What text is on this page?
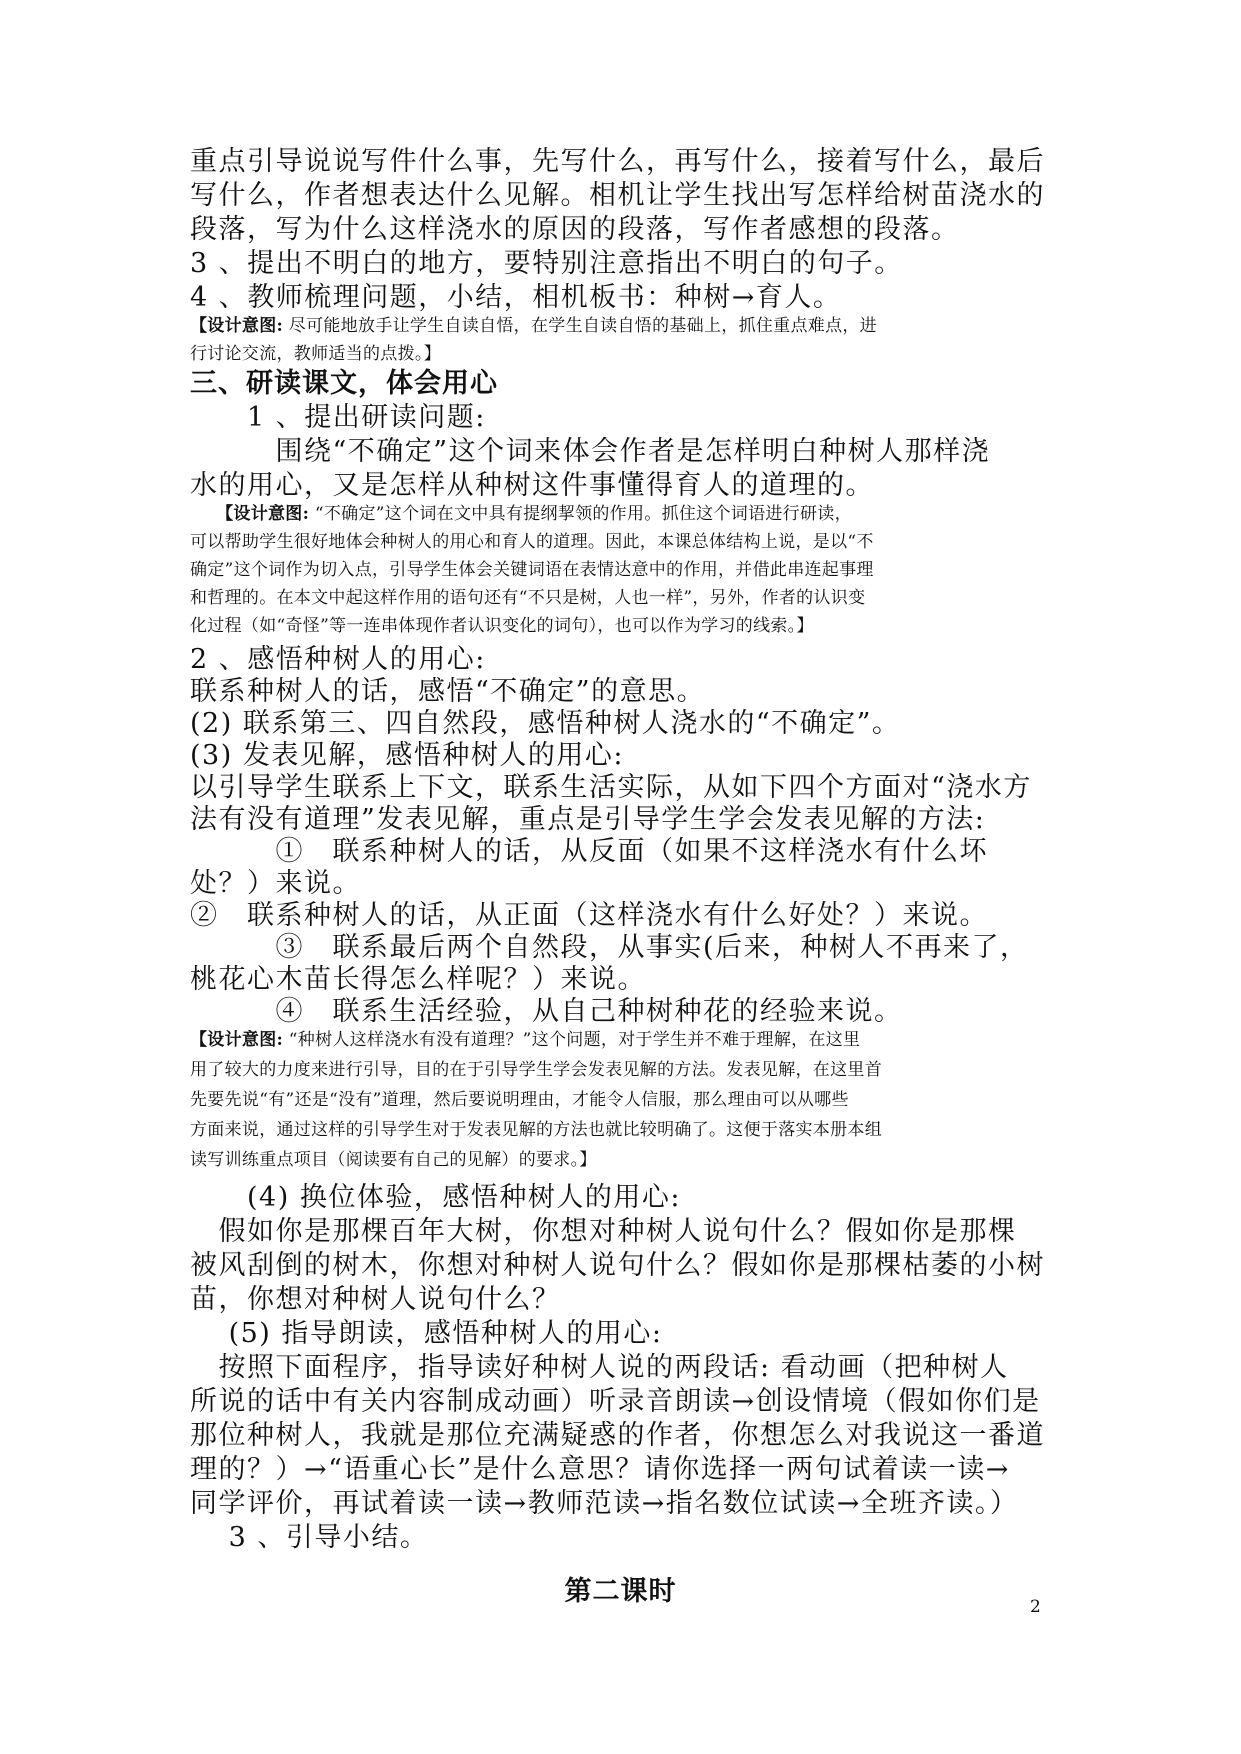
重点引导说说写件什么事，先写什么，再写什么，接着写什么，最后

写什么，作者想表达什么见解。相机让学生找出写怎样给树苗浇水的

段落，写为什么这样浇水的原因的段落，写作者感想的段落。

3 、提出不明白的地方，要特别注意指出不明白的句子。

4 、教师梳理问题，小结，相机板书：种树→育人。

【设计意图: 尽可能地放手让学生自读自悟，在学生自读自悟的基础上，抓住重点难点，进

行讨论交流，教师适当的点拨。】

三、研读课文，体会用心

　　1 、提出研读问题:

　　　围绕“不确定”这个词来体会作者是怎样明白种树人那样浇

水的用心，又是怎样从种树这件事懂得育人的道理的。

　　【设计意图: “不确定”这个词在文中具有提纲挈领的作用。抓住这个词语进行研读，

可以帮助学生很好地体会种树人的用心和育人的道理。因此，本课总体结构上说，是以“不

确定”这个词作为切入点，引导学生体会关键词语在表情达意中的作用，并借此串连起事理

和哲理的。在本文中起这样作用的语句还有“不只是树，人也一样”，另外，作者的认识变

化过程（如“奇怪”等一连串体现作者认识变化的词句），也可以作为学习的线索。】

2 、感悟种树人的用心:

联系种树人的话，感悟“不确定”的意思。

(2) 联系第三、四自然段，感悟种树人浇水的“不确定”。

(3) 发表见解，感悟种树人的用心:

以引导学生联系上下文，联系生活实际，从如下四个方面对“浇水方

法有没有道理”发表见解，重点是引导学生学会发表见解的方法:

　　　①　联系种树人的话，从反面（如果不这样浇水有什么坏

处？）来说。

②　联系种树人的话，从正面（这样浇水有什么好处？）来说。

　　　③　联系最后两个自然段，从事实(后来，种树人不再来了，

桃花心木苗长得怎么样呢？）来说。

　　　④　联系生活经验，从自己种树种花的经验来说。

【设计意图: “种树人这样浇水有没有道理？”这个问题，对于学生并不难于理解，在这里

用了较大的力度来进行引导，目的在于引导学生学会发表见解的方法。发表见解，在这里首

先要先说“有”还是“没有”道理，然后要说明理由，才能令人信服，那么理由可以从哪些

方面来说，通过这样的引导学生对于发表见解的方法也就比较明确了。这便于落实本册本组

读写训练重点项目（阅读要有自己的见解）的要求。】

　　(4) 换位体验，感悟种树人的用心:

　假如你是那棵百年大树，你想对种树人说句什么？假如你是那棵

被风刮倒的树木，你想对种树人说句什么？假如你是那棵枯萎的小树

苗，你想对种树人说句什么？

　 (5) 指导朗读，感悟种树人的用心:

　按照下面程序，指导读好种树人说的两段话: 看动画（把种树人

所说的话中有关内容制成动画）听录音朗读→创设情境（假如你们是

那位种树人，我就是那位充满疑惑的作者，你想怎么对我说这一番道

理的？）→“语重心长”是什么意思？请你选择一两句试着读一读→

同学评价，再试着读一读→教师范读→指名数位试读→全班齐读。）

　 3 、引导小结。

第二课时	2
